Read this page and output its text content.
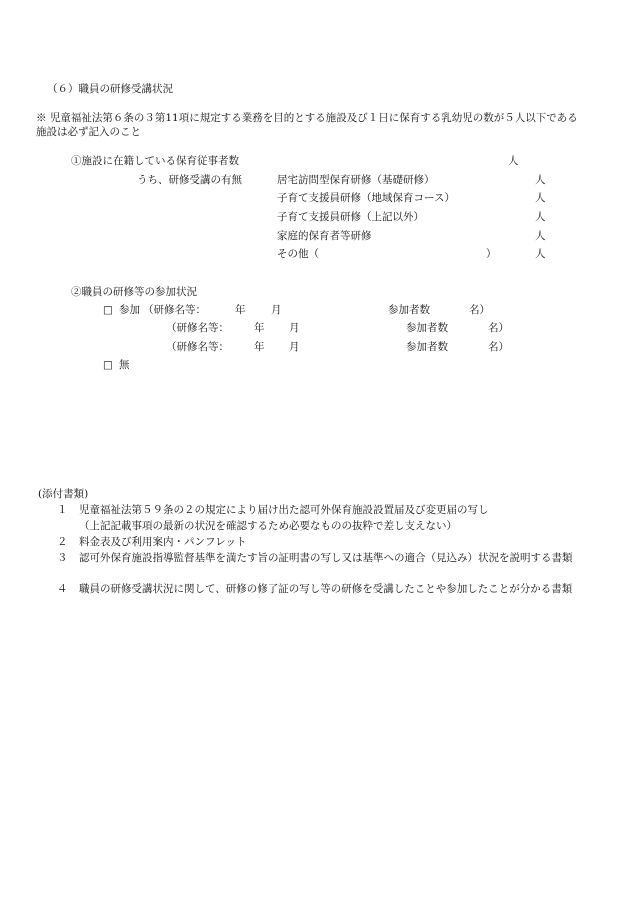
（６）職員の研修受講状況
※ 児童福祉法第６条の３第11項に規定する業務を目的とする施設及び１日に保育する乳幼児の数が５人以下である施設は必ず記入のこと
①施設に在籍している保育従事者数	人
うち、研修受講の有無	居宅訪問型保育研修（基礎研修）	人
子育て支援員研修（地域保育コース）	人
子育て支援員研修（上記以外）	人
家庭的保育者等研修	人
その他（	）	人
②職員の研修等の参加状況
□ 参加 （研修名等：	年 月	参加者数	名）
（研修名等： 年 月	参加者数	名）
（研修名等： 年 月	参加者数	名）
□ 無
(添付書類)
１ 児童福祉法第５９条の２の規定により届け出た認可外保育施設設置届及び変更届の写し
（上記記載事項の最新の状況を確認するため必要なものの抜粋で差し支えない）
２ 料金表及び利用案内・パンフレット
３	認可外保育施設指導監督基準を満たす旨の証明書の写し又は基準への適合（見込み）状況を説明する書類
４	職員の研修受講状況に関して、研修の修了証の写し等の研修を受講したことや参加したことが分かる書類
